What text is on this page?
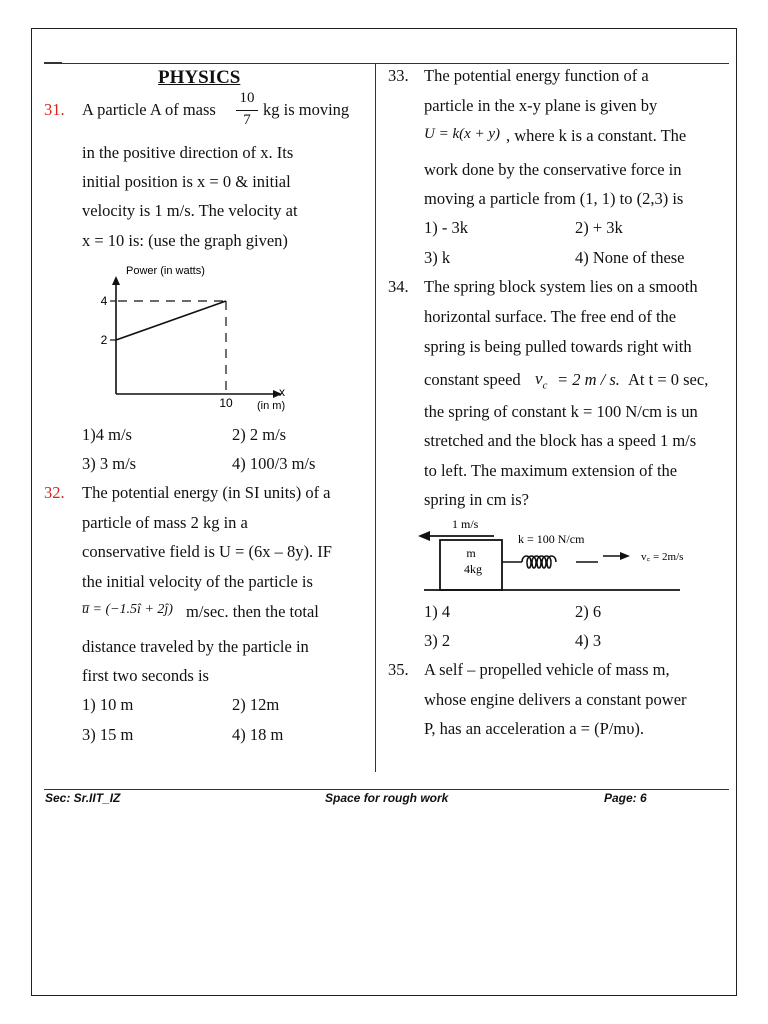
PHYSICS
31. A particle A of mass
10
7
kg is moving
in the positive direction of x. Its
initial position is x = 0 & initial
velocity is 1 m/s. The velocity at
x = 10 is: (use the graph given)
Power (in watts)
4
2
10
x
(in m)
1)4 m/s	2) 2 m/s
3) 3 m/s	4) 100/3 m/s
32. The potential energy (in SI units) of a
particle of mass 2 kg in a
conservative field is U = (6x – 8y). IF
the initial velocity of the particle is
u̅ = (−1.5î + 2ĵ) m/sec. then the total
distance traveled by the particle in
first two seconds is
1) 10 m	2) 12m
3) 15 m	4) 18 m
33. The potential energy function of a
particle in the x-y plane is given by
U = k(x + y) , where k is a constant. The
work done by the conservative force in
moving a particle from (1, 1) to (2,3) is
1) - 3k	2) + 3k
3) k	4) None of these
34. The spring block system lies on a smooth
horizontal surface. The free end of the
spring is being pulled towards right with
constant speed $v_c = 2$ m / s. At t = 0 sec,
the spring of constant k = 100 N/cm is un
stretched and the block has a speed 1 m/s
to left. The maximum extension of the
spring in cm is?
1 m/s
m
4kg
k = 100 N/cm
v꜀ = 2m/s
1) 4	2) 6
3) 2	4) 3
35. A self – propelled vehicle of mass m,
whose engine delivers a constant power
P, has an acceleration a = (P/mυ).
Sec: Sr.IIT_IZ	Space for rough work	Page: 6
